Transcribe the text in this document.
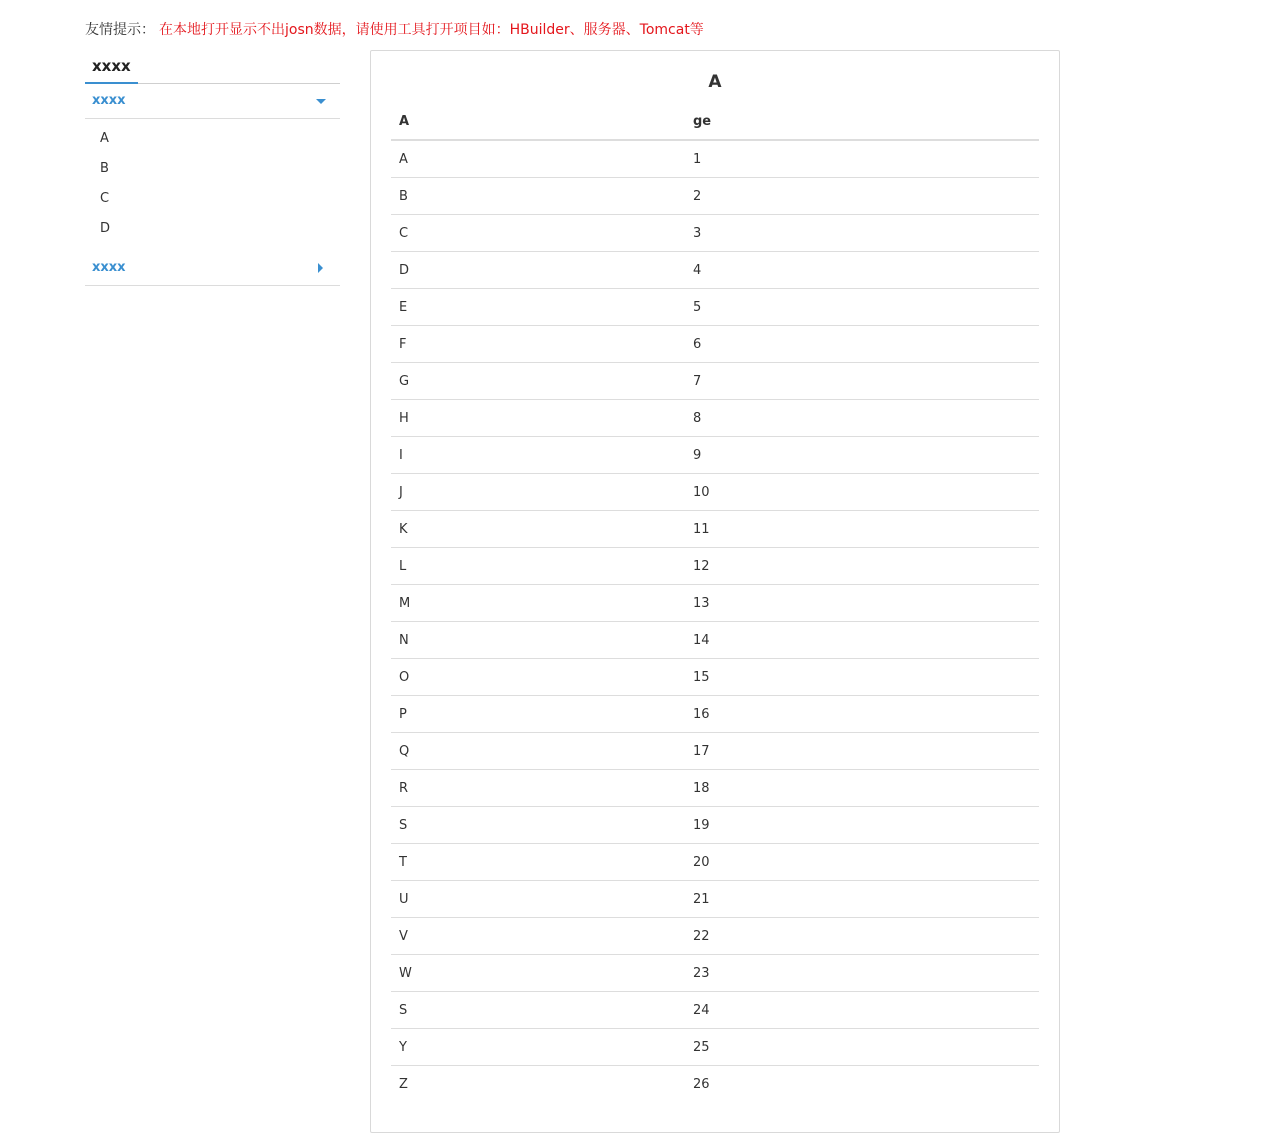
友情提示： 在本地打开显示不出josn数据，请使用工具打开项目如：HBuilder、服务器、Tomcat等
xxxx
xxxx
A
B
C
D
xxxx
A
A	ge
A	1
B	2
C	3
D	4
E	5
F	6
G	7
H	8
I	9
J	10
K	11
L	12
M	13
N	14
O	15
P	16
Q	17
R	18
S	19
T	20
U	21
V	22
W	23
S	24
Y	25
Z	26
